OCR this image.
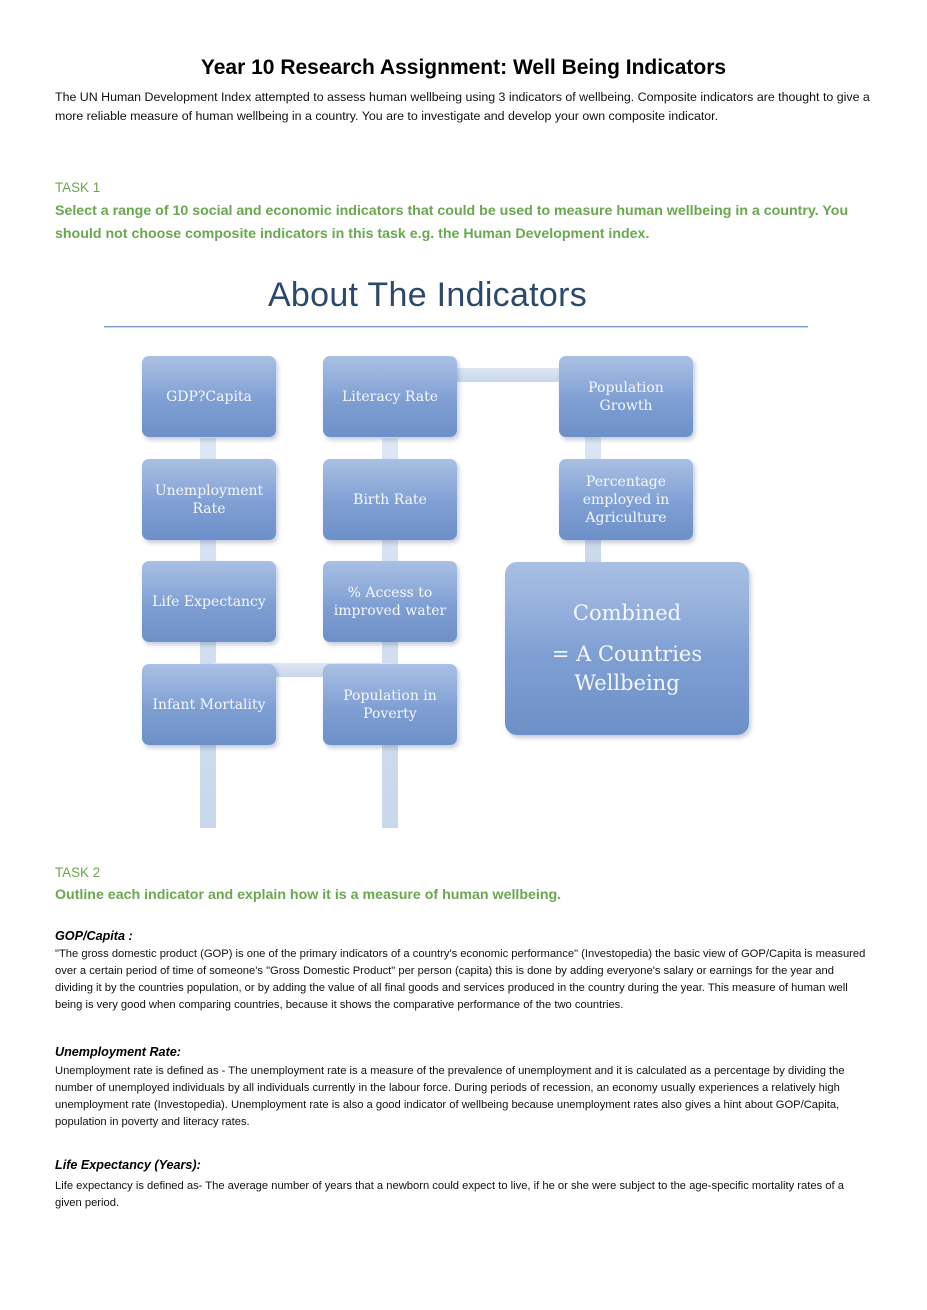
Year 10 Research Assignment: Well Being Indicators
The UN Human Development Index attempted to assess human wellbeing using 3 indicators of wellbeing. Composite indicators are thought to give a more reliable measure of human wellbeing in a country. You are to investigate and develop your own composite indicator.
TASK 1
Select a range of 10 social and economic indicators that could be used to measure human wellbeing in a country. You should not choose composite indicators in this task e.g. the Human Development index.
About The Indicators
GDP?Capita
Unemployment Rate
Life Expectancy
Infant Mortality
Literacy Rate
Birth Rate
% Access to improved water
Population in Poverty
Population Growth
Percentage employed in Agriculture
Combined
= A Countries Wellbeing
TASK 2
Outline each indicator and explain how it is a measure of human wellbeing.
GOP/Capita :
"The gross domestic product (GOP) is one of the primary indicators of a country's economic performance" (Investopedia) the basic view of GOP/Capita is measured over a certain period of time of someone's "Gross Domestic Product" per person (capita) this is done by adding everyone's salary or earnings for the year and dividing it by the countries population, or by adding the value of all final goods and services produced in the country during the year. This measure of human well being is very good when comparing countries, because it shows the comparative performance of the two countries.
Unemployment Rate:
Unemployment rate is defined as - The unemployment rate is a measure of the prevalence of unemployment and it is calculated as a percentage by dividing the number of unemployed individuals by all individuals currently in the labour force. During periods of recession, an economy usually experiences a relatively high unemployment rate (Investopedia). Unemployment rate is also a good indicator of wellbeing because unemployment rates also gives a hint about GOP/Capita, population in poverty and literacy rates.
Life Expectancy (Years):
Life expectancy is defined as- The average number of years that a newborn could expect to live, if he or she were subject to the age-specific mortality rates of a given period.
